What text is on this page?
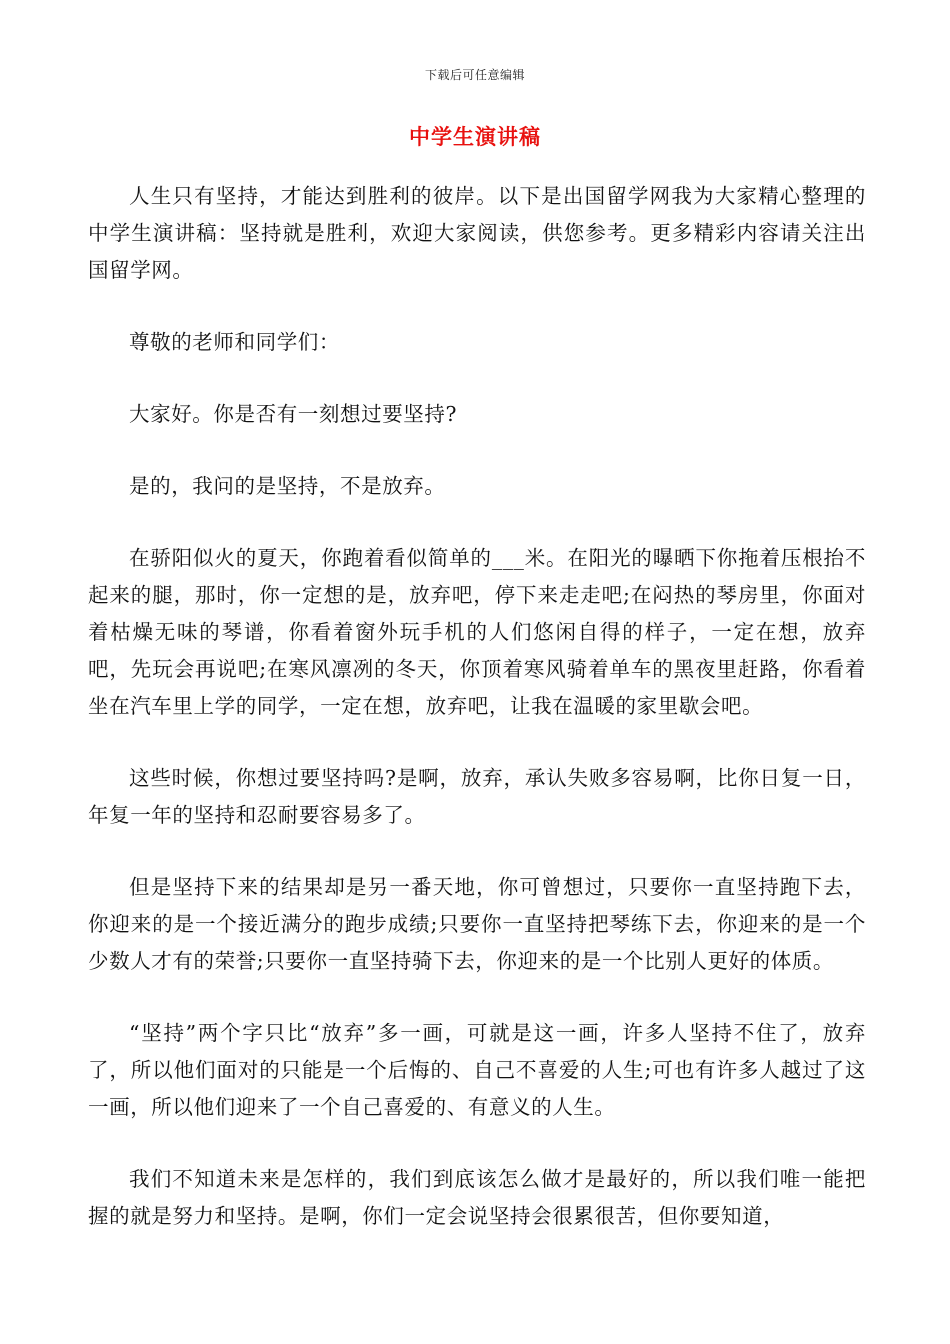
下载后可任意编辑
中学生演讲稿

人生只有坚持，才能达到胜利的彼岸。以下是出国留学网我为大家精心整理的中学生演讲稿：坚持就是胜利，欢迎大家阅读，供您参考。更多精彩内容请关注出国留学网。

尊敬的老师和同学们：

大家好。你是否有一刻想过要坚持?

是的，我问的是坚持，不是放弃。

在骄阳似火的夏天，你跑着看似简单的___米。在阳光的曝晒下你拖着压根抬不起来的腿，那时，你一定想的是，放弃吧，停下来走走吧;在闷热的琴房里，你面对着枯燥无味的琴谱，你看着窗外玩手机的人们悠闲自得的样子，一定在想，放弃吧，先玩会再说吧;在寒风凛冽的冬天，你顶着寒风骑着单车的黑夜里赶路，你看着坐在汽车里上学的同学，一定在想，放弃吧，让我在温暖的家里歇会吧。

这些时候，你想过要坚持吗?是啊，放弃，承认失败多容易啊，比你日复一日，年复一年的坚持和忍耐要容易多了。

但是坚持下来的结果却是另一番天地，你可曾想过，只要你一直坚持跑下去，你迎来的是一个接近满分的跑步成绩;只要你一直坚持把琴练下去，你迎来的是一个少数人才有的荣誉;只要你一直坚持骑下去，你迎来的是一个比别人更好的体质。

“坚持”两个字只比“放弃”多一画，可就是这一画，许多人坚持不住了，放弃了，所以他们面对的只能是一个后悔的、自己不喜爱的人生;可也有许多人越过了这一画，所以他们迎来了一个自己喜爱的、有意义的人生。

我们不知道未来是怎样的，我们到底该怎么做才是最好的，所以我们唯一能把握的就是努力和坚持。是啊，你们一定会说坚持会很累很苦，但你要知道，
